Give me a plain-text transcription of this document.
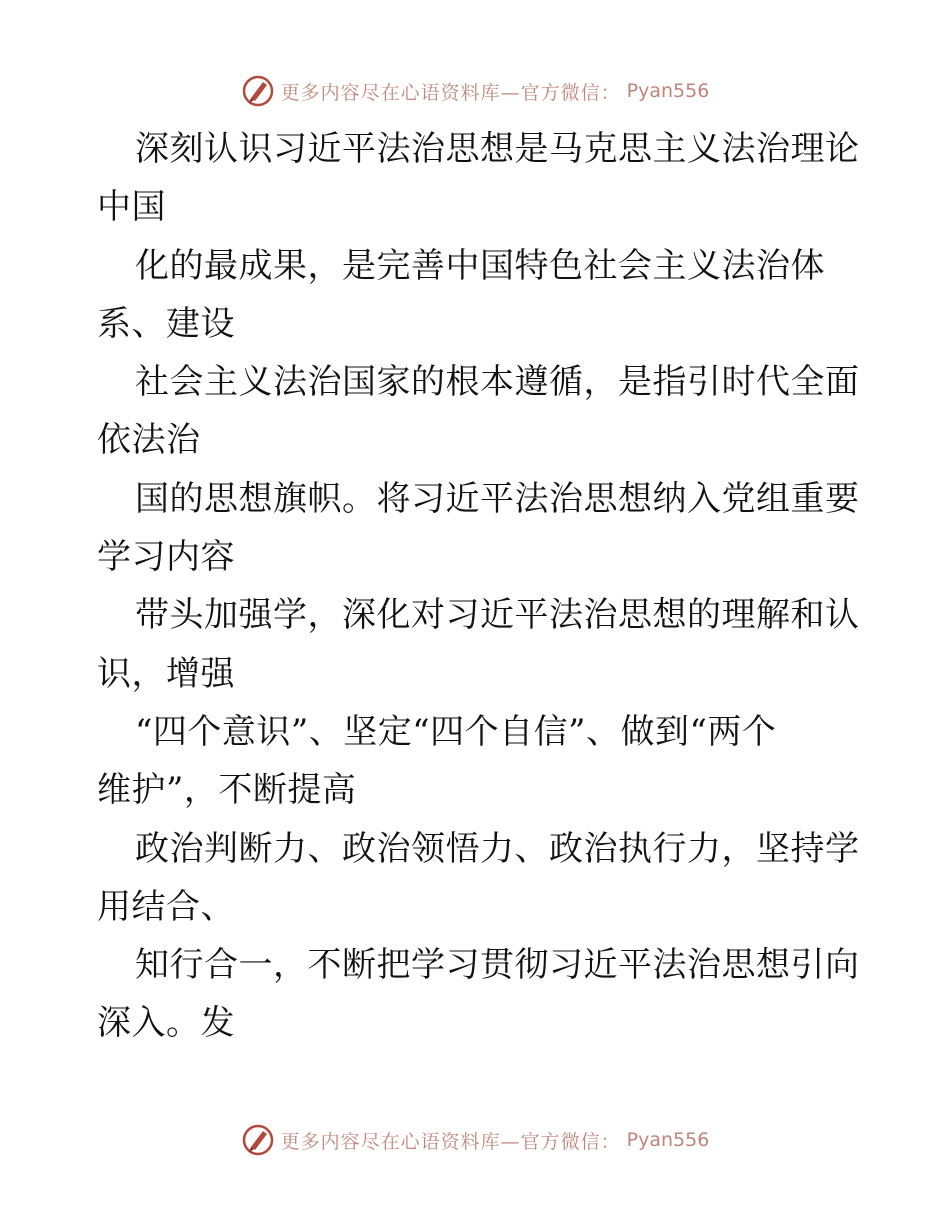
更多内容尽在心语资料库—官方微信： Pyan556
深刻认识习近平法治思想是马克思主义法治理论
中国
化的最成果，是完善中国特色社会主义法治体
系、建设
社会主义法治国家的根本遵循，是指引时代全面
依法治
国的思想旗帜。将习近平法治思想纳入党组重要
学习内容
带头加强学，深化对习近平法治思想的理解和认
识，增强
“四个意识”、坚定“四个自信”、做到“两个
维护”，不断提高
政治判断力、政治领悟力、政治执行力，坚持学
用结合、
知行合一，不断把学习贯彻习近平法治思想引向
深入。发
更多内容尽在心语资料库—官方微信： Pyan556
